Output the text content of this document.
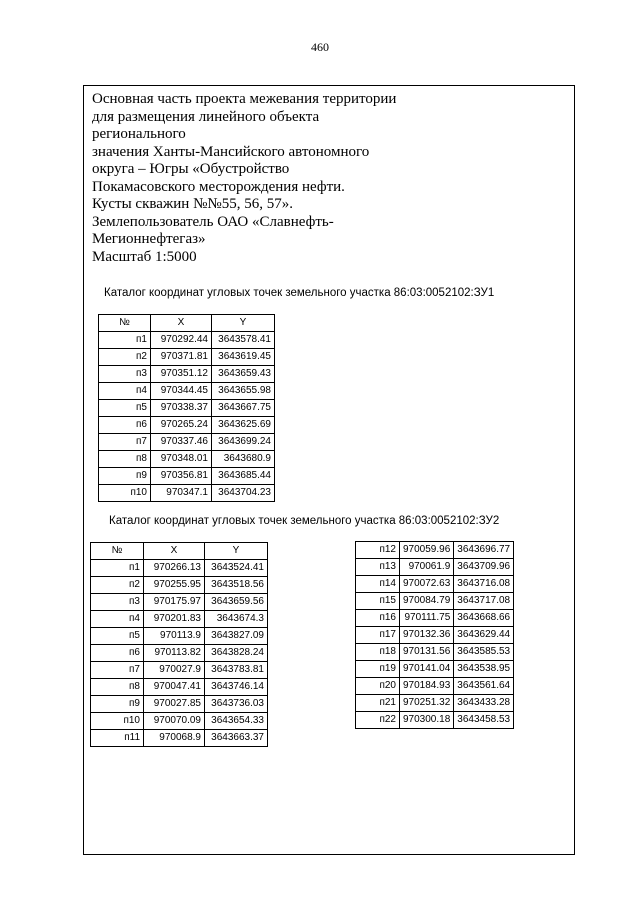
460
Основная часть проекта межевания территории
для размещения линейного объекта
регионального
значения Ханты-Мансийского автономного
округа – Югры «Обустройство
Покамасовского месторождения нефти.
Кусты скважин №№55, 56, 57».
Землепользователь ОАО «Славнефть-
Мегионнефтегаз»
Масштаб 1:5000
Каталог координат угловых точек земельного участка 86:03:0052102:ЗУ1
№	X	Y
п1	970292.44	3643578.41
п2	970371.81	3643619.45
п3	970351.12	3643659.43
п4	970344.45	3643655.98
п5	970338.37	3643667.75
п6	970265.24	3643625.69
п7	970337.46	3643699.24
п8	970348.01	3643680.9
п9	970356.81	3643685.44
п10	970347.1	3643704.23
Каталог координат угловых точек земельного участка 86:03:0052102:ЗУ2
№	X	Y
п1	970266.13	3643524.41
п2	970255.95	3643518.56
п3	970175.97	3643659.56
п4	970201.83	3643674.3
п5	970113.9	3643827.09
п6	970113.82	3643828.24
п7	970027.9	3643783.81
п8	970047.41	3643746.14
п9	970027.85	3643736.03
п10	970070.09	3643654.33
п11	970068.9	3643663.37
п12	970059.96	3643696.77
п13	970061.9	3643709.96
п14	970072.63	3643716.08
п15	970084.79	3643717.08
п16	970111.75	3643668.66
п17	970132.36	3643629.44
п18	970131.56	3643585.53
п19	970141.04	3643538.95
п20	970184.93	3643561.64
п21	970251.32	3643433.28
п22	970300.18	3643458.53
